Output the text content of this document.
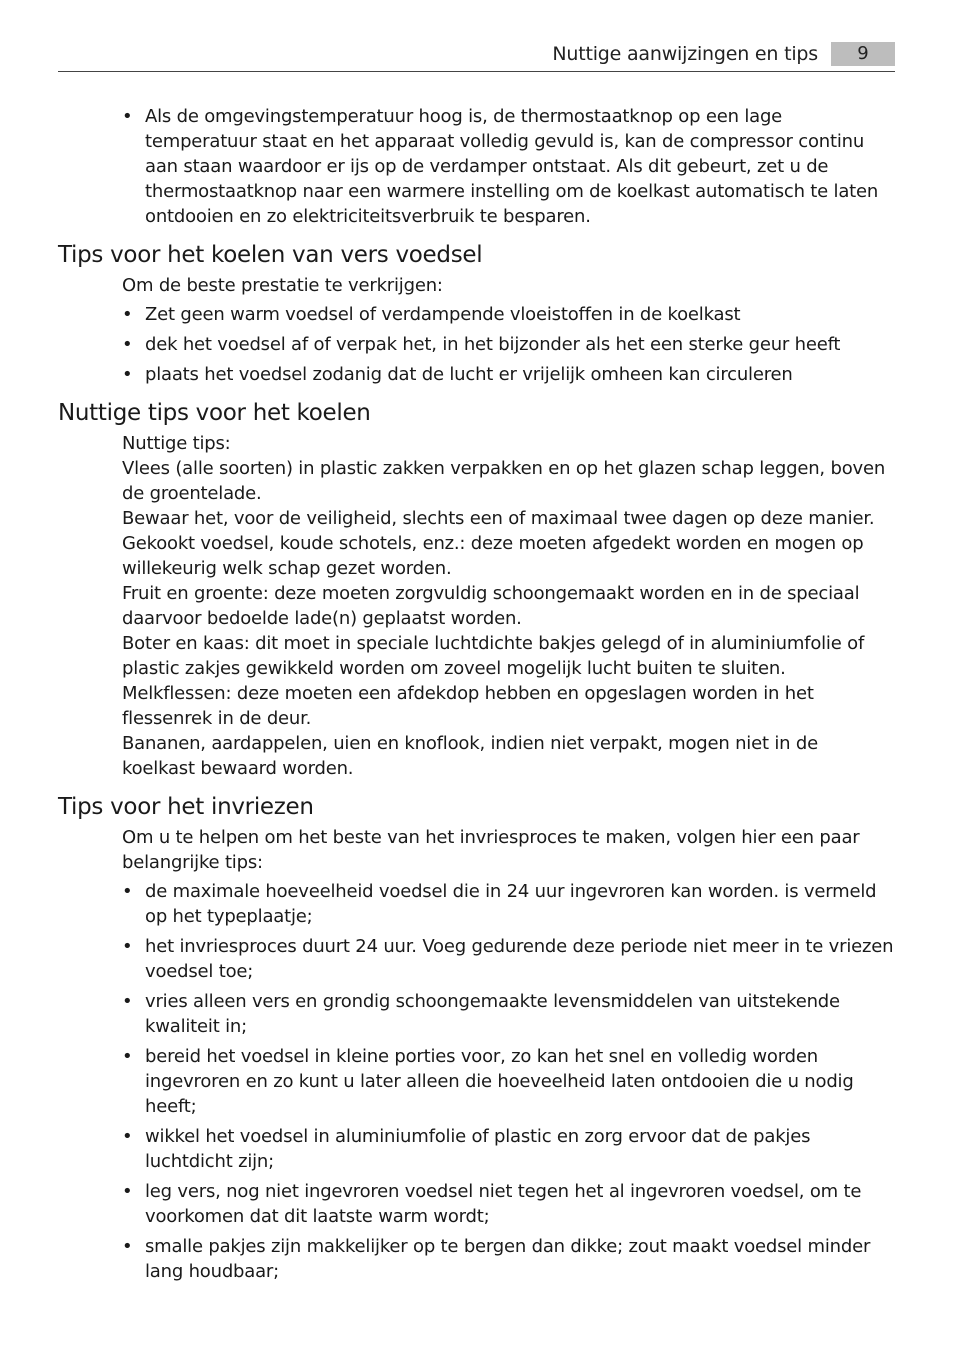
Nuttige aanwijzingen en tips	9
• Als de omgevingstemperatuur hoog is, de thermostaatknop op een lage temperatuur staat en het apparaat volledig gevuld is, kan de compressor continu aan staan waardoor er ijs op de verdamper ontstaat. Als dit gebeurt, zet u de thermostaatknop naar een warmere instelling om de koelkast automatisch te laten ontdooien en zo elektriciteitsverbruik te besparen.
Tips voor het koelen van vers voedsel

Om de beste prestatie te verkrijgen:

• Zet geen warm voedsel of verdampende vloeistoffen in de koelkast
• dek het voedsel af of verpak het, in het bijzonder als het een sterke geur heeft
• plaats het voedsel zodanig dat de lucht er vrijelijk omheen kan circuleren
Nuttige tips voor het koelen

Nuttige tips:

Vlees (alle soorten) in plastic zakken verpakken en op het glazen schap leggen, boven de groentelade.

Bewaar het, voor de veiligheid, slechts een of maximaal twee dagen op deze manier.

Gekookt voedsel, koude schotels, enz.: deze moeten afgedekt worden en mogen op willekeurig welk schap gezet worden.

Fruit en groente: deze moeten zorgvuldig schoongemaakt worden en in de speciaal daarvoor bedoelde lade(n) geplaatst worden.

Boter en kaas: dit moet in speciale luchtdichte bakjes gelegd of in aluminiumfolie of plastic zakjes gewikkeld worden om zoveel mogelijk lucht buiten te sluiten.

Melkflessen: deze moeten een afdekdop hebben en opgeslagen worden in het flessenrek in de deur.

Bananen, aardappelen, uien en knoflook, indien niet verpakt, mogen niet in de koelkast bewaard worden.

Tips voor het invriezen

Om u te helpen om het beste van het invriesproces te maken, volgen hier een paar belangrijke tips:

• de maximale hoeveelheid voedsel die in 24 uur ingevroren kan worden. is vermeld op het typeplaatje;
• het invriesproces duurt 24 uur. Voeg gedurende deze periode niet meer in te vriezen voedsel toe;
• vries alleen vers en grondig schoongemaakte levensmiddelen van uitstekende kwaliteit in;
• bereid het voedsel in kleine porties voor, zo kan het snel en volledig worden ingevroren en zo kunt u later alleen die hoeveelheid laten ontdooien die u nodig heeft;
• wikkel het voedsel in aluminiumfolie of plastic en zorg ervoor dat de pakjes luchtdicht zijn;
• leg vers, nog niet ingevroren voedsel niet tegen het al ingevroren voedsel, om te voorkomen dat dit laatste warm wordt;
• smalle pakjes zijn makkelijker op te bergen dan dikke; zout maakt voedsel minder lang houdbaar;
